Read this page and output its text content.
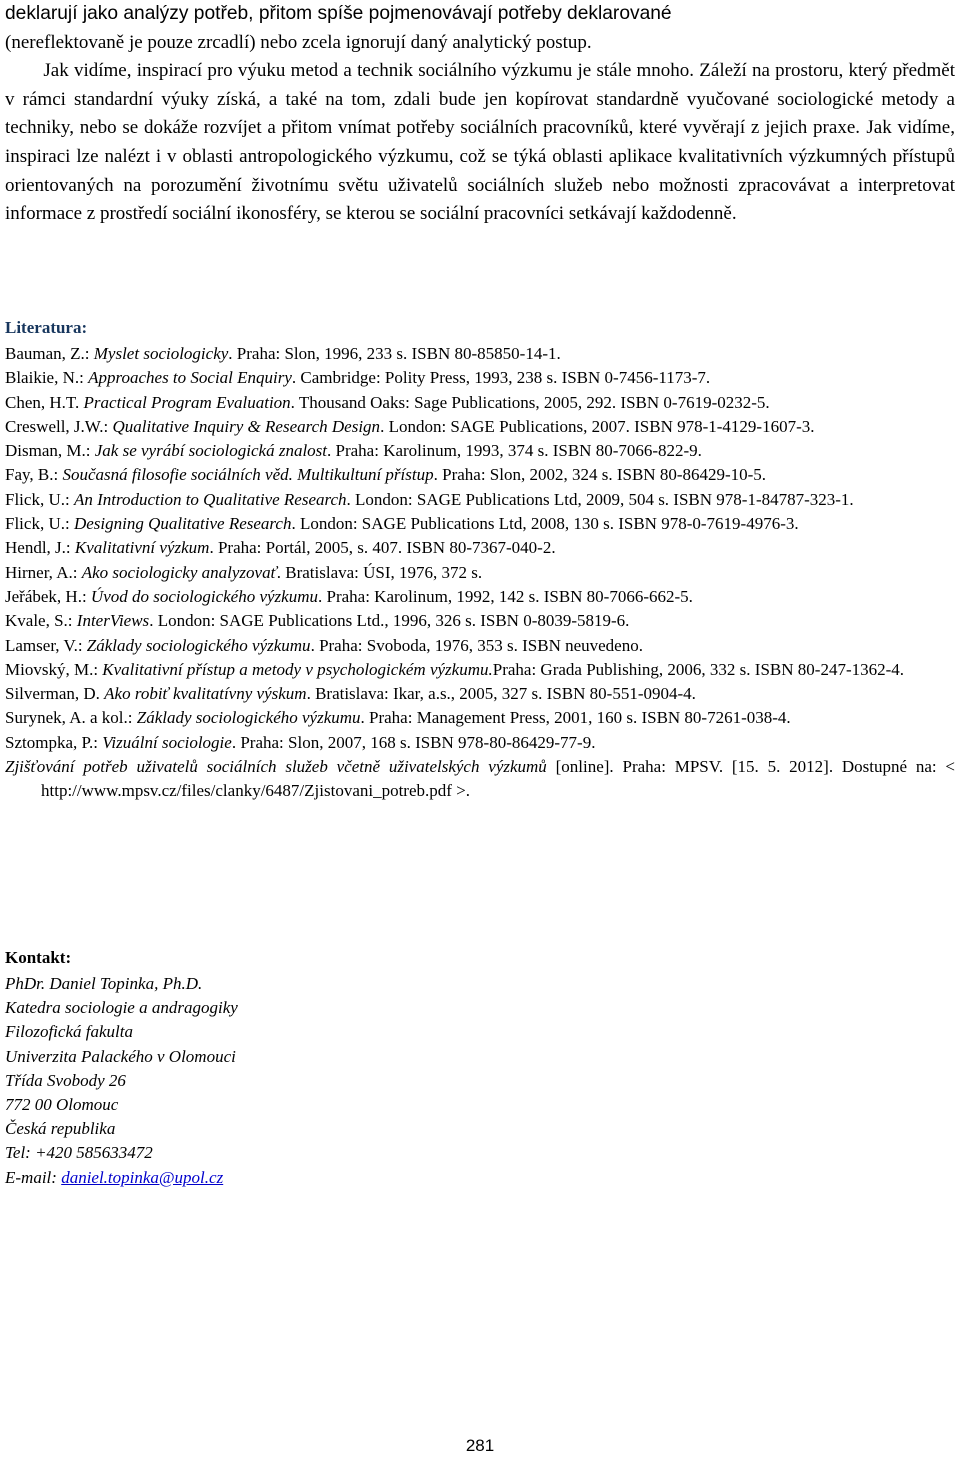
deklarují jako analýzy potřeb, přitom spíše pojmenovávají potřeby deklarované
(nereflektovaně je pouze zrcadlí) nebo zcela ignorují daný analytický postup.
  Jak vidíme, inspirací pro výuku metod a technik sociálního výzkumu je stále mnoho. Záleží na prostoru, který předmět v rámci standardní výuky získá, a také na tom, zdali bude jen kopírovat standardně vyučované sociologické metody a techniky, nebo se dokáže rozvíjet a přitom vnímat potřeby sociálních pracovníků, které vyvěrají z jejich praxe. Jak vidíme, inspiraci lze nalézt i v oblasti antropologického výzkumu, což se týká oblasti aplikace kvalitativních výzkumných přístupů orientovaných na porozumění životnímu světu uživatelů sociálních služeb nebo možnosti zpracovávat a interpretovat informace z prostředí sociální ikonosféry, se kterou se sociální pracovníci setkávají každodenně.

Literatura:
Bauman, Z.: Myslet sociologicky. Praha: Slon, 1996, 233 s. ISBN 80-85850-14-1.
Blaikie, N.: Approaches to Social Enquiry. Cambridge: Polity Press, 1993, 238 s. ISBN 0-7456-1173-7.
Chen, H.T. Practical Program Evaluation. Thousand Oaks: Sage Publications, 2005, 292. ISBN 0-7619-0232-5.
Creswell, J.W.: Qualitative Inquiry & Research Design. London: SAGE Publications, 2007. ISBN 978-1-4129-1607-3.
Disman, M.: Jak se vyrábí sociologická znalost. Praha: Karolinum, 1993, 374 s. ISBN 80-7066-822-9.
Fay, B.: Současná filosofie sociálních věd. Multikultuní přístup. Praha: Slon, 2002, 324 s. ISBN 80-86429-10-5.
Flick, U.: An Introduction to Qualitative Research. London: SAGE Publications Ltd, 2009, 504 s. ISBN 978-1-84787-323-1.
Flick, U.: Designing Qualitative Research. London: SAGE Publications Ltd, 2008, 130 s. ISBN 978-0-7619-4976-3.
Hendl, J.: Kvalitativní výzkum. Praha: Portál, 2005, s. 407. ISBN 80-7367-040-2.
Hirner, A.: Ako sociologicky analyzovať. Bratislava: ÚSI, 1976, 372 s.
Jeřábek, H.: Úvod do sociologického výzkumu. Praha: Karolinum, 1992, 142 s. ISBN 80-7066-662-5.
Kvale, S.: InterViews. London: SAGE Publications Ltd., 1996, 326 s. ISBN 0-8039-5819-6.
Lamser, V.: Základy sociologického výzkumu. Praha: Svoboda, 1976, 353 s. ISBN neuvedeno.
Miovský, M.: Kvalitativní přístup a metody v psychologickém výzkumu.Praha: Grada Publishing, 2006, 332 s. ISBN 80-247-1362-4.
Silverman, D. Ako robiť kvalitatívny výskum. Bratislava: Ikar, a.s., 2005, 327 s. ISBN 80-551-0904-4.
Surynek, A. a kol.: Základy sociologického výzkumu. Praha: Management Press, 2001, 160 s. ISBN 80-7261-038-4.
Sztompka, P.: Vizuální sociologie. Praha: Slon, 2007, 168 s. ISBN 978-80-86429-77-9.
Zjišťování potřeb uživatelů sociálních služeb včetně uživatelských výzkumů [online]. Praha: MPSV. [15. 5. 2012]. Dostupné na: < http://www.mpsv.cz/files/clanky/6487/Zjistovani_potreb.pdf >.
Kontakt:
PhDr. Daniel Topinka, Ph.D.
Katedra sociologie a andragogiky
Filozofická fakulta
Univerzita Palackého v Olomouci
Třída Svobody 26
772 00 Olomouc
Česká republika
Tel: +420 585633472
E-mail: daniel.topinka@upol.cz
281
